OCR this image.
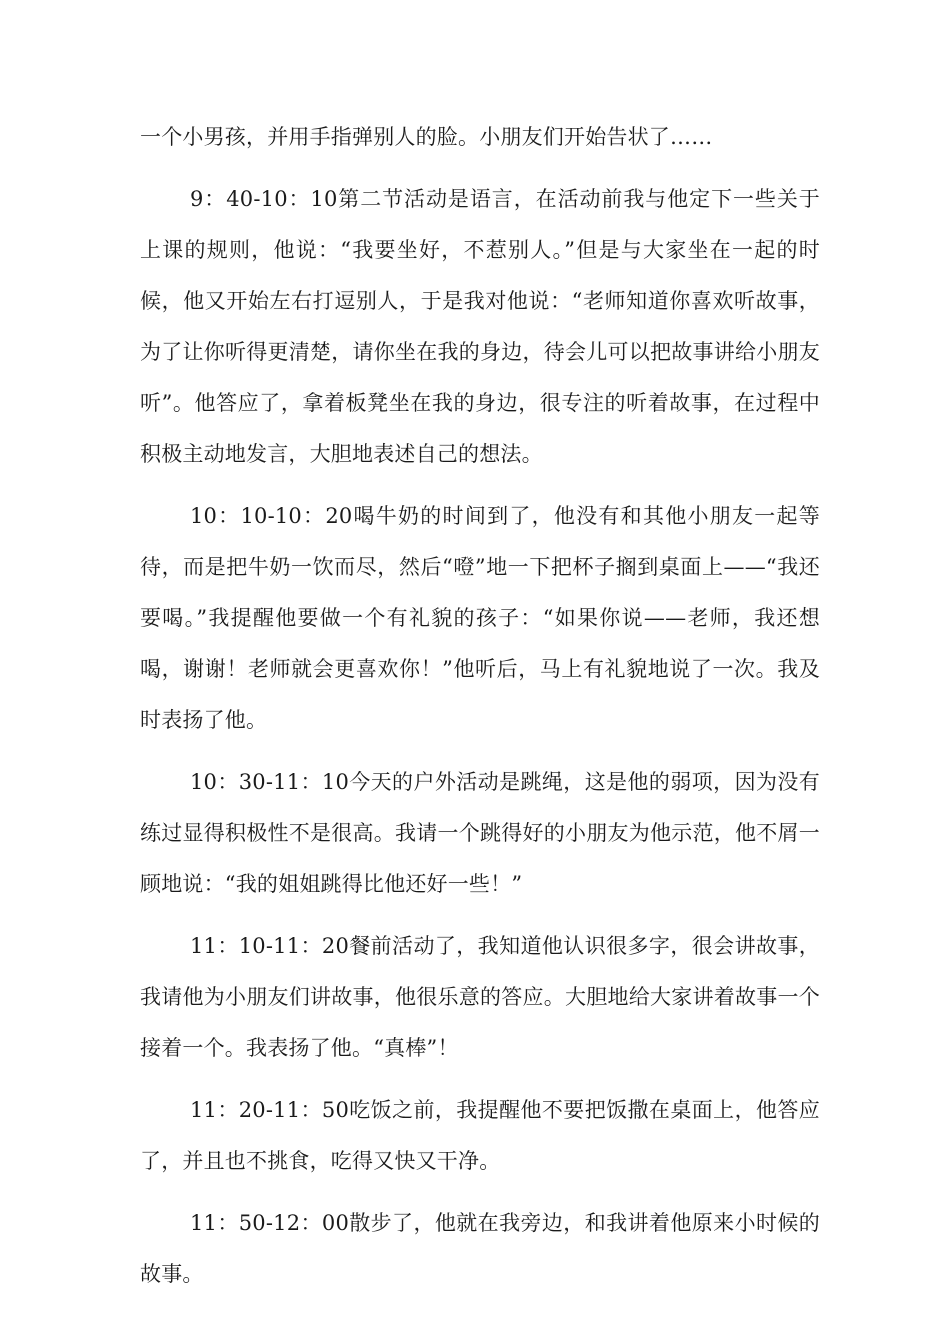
一个小男孩，并用手指弹别人的脸。小朋友们开始告状了……

9：40-10：10第二节活动是语言，在活动前我与他定下一些关于上课的规则，他说：“我要坐好，不惹别人。”但是与大家坐在一起的时候，他又开始左右打逗别人，于是我对他说：“老师知道你喜欢听故事，为了让你听得更清楚，请你坐在我的身边，待会儿可以把故事讲给小朋友听”。他答应了，拿着板凳坐在我的身边，很专注的听着故事，在过程中积极主动地发言，大胆地表述自己的想法。

10：10-10：20喝牛奶的时间到了，他没有和其他小朋友一起等待，而是把牛奶一饮而尽，然后“噔”地一下把杯子搁到桌面上——“我还要喝。”我提醒他要做一个有礼貌的孩子：“如果你说——老师，我还想喝，谢谢！老师就会更喜欢你！”他听后，马上有礼貌地说了一次。我及时表扬了他。

10：30-11：10今天的户外活动是跳绳，这是他的弱项，因为没有练过显得积极性不是很高。我请一个跳得好的小朋友为他示范，他不屑一顾地说：“我的姐姐跳得比他还好一些！”

11：10-11：20餐前活动了，我知道他认识很多字，很会讲故事，我请他为小朋友们讲故事，他很乐意的答应。大胆地给大家讲着故事一个接着一个。我表扬了他。“真棒”！

11：20-11：50吃饭之前，我提醒他不要把饭撒在桌面上，他答应了，并且也不挑食，吃得又快又干净。

11：50-12：00散步了，他就在我旁边，和我讲着他原来小时候的故事。
